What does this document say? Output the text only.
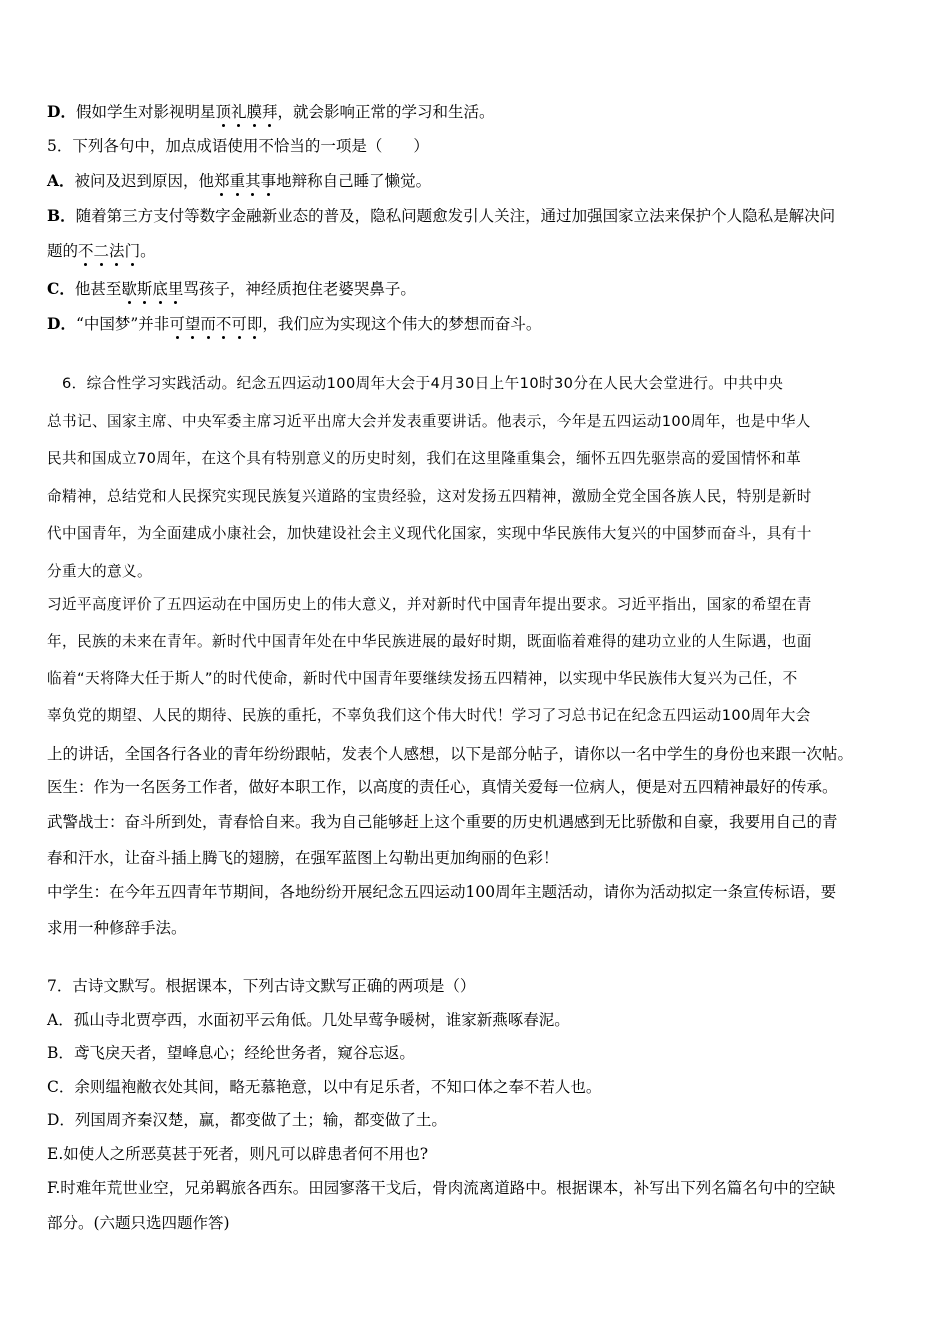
D．假如学生对影视明星顶礼膜拜，就会影响正常的学习和生活。
5．下列各句中，加点成语使用不恰当的一项是（　　）
A．被问及迟到原因，他郑重其事地辩称自己睡了懒觉。
B．随着第三方支付等数字金融新业态的普及，隐私问题愈发引人关注，通过加强国家立法来保护个人隐私是解决问
题的不二法门。
C．他甚至歇斯底里骂孩子，神经质抱住老婆哭鼻子。
D．“中国梦”并非可望而不可即，我们应为实现这个伟大的梦想而奋斗。
　6．综合性学习实践活动。纪念五四运动100周年大会于4月30日上午10时30分在人民大会堂进行。中共中央
总书记、国家主席、中央军委主席习近平出席大会并发表重要讲话。他表示，今年是五四运动100周年，也是中华人
民共和国成立70周年，在这个具有特别意义的历史时刻，我们在这里隆重集会，缅怀五四先驱崇高的爱国情怀和革
命精神，总结党和人民探究实现民族复兴道路的宝贵经验，这对发扬五四精神，激励全党全国各族人民，特别是新时
代中国青年，为全面建成小康社会，加快建设社会主义现代化国家，实现中华民族伟大复兴的中国梦而奋斗，具有十
分重大的意义。
习近平高度评价了五四运动在中国历史上的伟大意义，并对新时代中国青年提出要求。习近平指出，国家的希望在青
年，民族的未来在青年。新时代中国青年处在中华民族进展的最好时期，既面临着难得的建功立业的人生际遇，也面
临着“天将降大任于斯人”的时代使命，新时代中国青年要继续发扬五四精神，以实现中华民族伟大复兴为己任，不
辜负党的期望、人民的期待、民族的重托，不辜负我们这个伟大时代！学习了习总书记在纪念五四运动100周年大会
上的讲话，全国各行各业的青年纷纷跟帖，发表个人感想，以下是部分帖子，请你以一名中学生的身份也来跟一次帖。
医生：作为一名医务工作者，做好本职工作，以高度的责任心，真情关爱每一位病人，便是对五四精神最好的传承。
武警战士：奋斗所到处，青春恰自来。我为自己能够赶上这个重要的历史机遇感到无比骄傲和自豪，我要用自己的青
春和汗水，让奋斗插上腾飞的翅膀，在强军蓝图上勾勒出更加绚丽的色彩！
中学生：在今年五四青年节期间，各地纷纷开展纪念五四运动100周年主题活动，请你为活动拟定一条宣传标语，要
求用一种修辞手法。
7．古诗文默写。根据课本，下列古诗文默写正确的两项是（）
A．孤山寺北贾亭西，水面初平云角低。几处早莺争暖树，谁家新燕啄春泥。
B．鸢飞戾天者，望峰息心；经纶世务者，窥谷忘返。
C．余则缊袍敝衣处其间，略无慕艳意，以中有足乐者，不知口体之奉不若人也。
D．列国周齐秦汉楚，赢，都变做了土；输，都变做了土。
E.如使人之所恶莫甚于死者，则凡可以辟患者何不用也?
F.时难年荒世业空，兄弟羁旅各西东。田园寥落干戈后，骨肉流离道路中。根据课本，补写出下列名篇名句中的空缺
部分。(六题只选四题作答)
